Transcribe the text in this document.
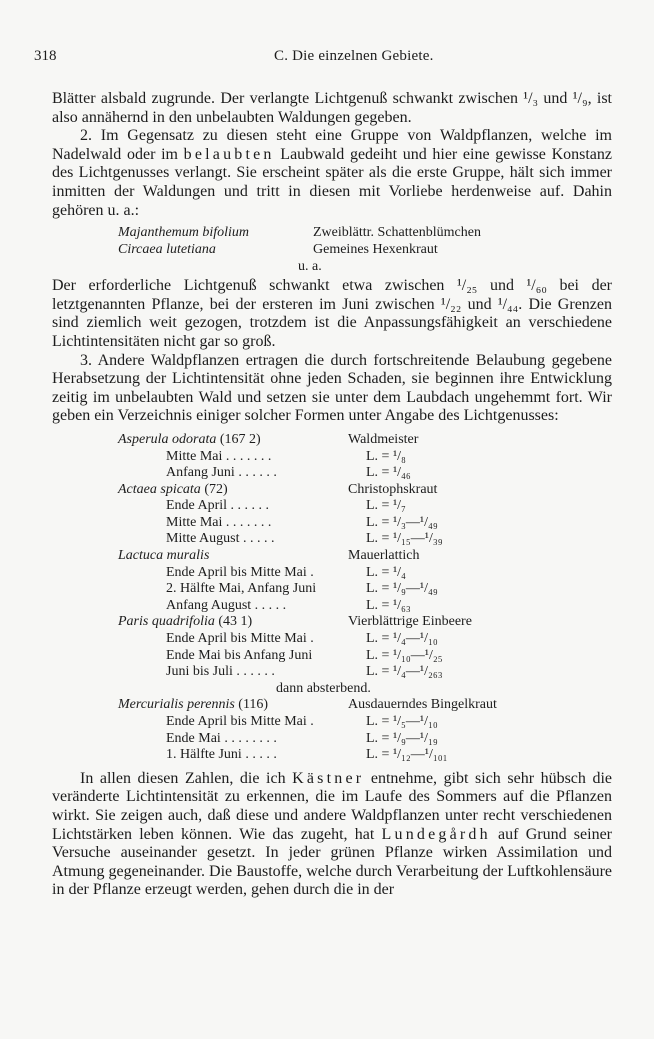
318	C. Die einzelnen Gebiete.

Blätter alsbald zugrunde. Der verlangte Lichtgenuß schwankt zwischen ¹/₃ und ¹/₉, ist also annähernd in den unbelaubten Waldungen gegeben.

2. Im Gegensatz zu diesen steht eine Gruppe von Waldpflanzen, welche im Nadelwald oder im belaubten Laubwald gedeiht und hier eine gewisse Konstanz des Lichtgenusses verlangt. Sie erscheint später als die erste Gruppe, hält sich immer inmitten der Waldungen und tritt in diesen mit Vorliebe herdenweise auf. Dahin gehören u. a.:

Majanthemum bifolium	Zweiblättr. Schattenblümchen
Circaea lutetiana	Gemeines Hexenkraut
u. a.

Der erforderliche Lichtgenuß schwankt etwa zwischen ¹/₂₅ und ¹/₆₀ bei der letztgenannten Pflanze, bei der ersteren im Juni zwischen ¹/₂₂ und ¹/₄₄. Die Grenzen sind ziemlich weit gezogen, trotzdem ist die Anpassungsfähigkeit an verschiedene Lichtintensitäten nicht gar so groß.

3. Andere Waldpflanzen ertragen die durch fortschreitende Belaubung gegebene Herabsetzung der Lichtintensität ohne jeden Schaden, sie beginnen ihre Entwicklung zeitig im unbelaubten Wald und setzen sie unter dem Laubdach ungehemmt fort. Wir geben ein Verzeichnis einiger solcher Formen unter Angabe des Lichtgenusses:

Asperula odorata (167 2)	Waldmeister
Mitte Mai . . . . . . .	L. = ¹/₈
Anfang Juni . . . . . .	L. = ¹/₄₆
Actaea spicata (72)	Christophskraut
Ende April . . . . . .	L. = ¹/₇
Mitte Mai . . . . . . .	L. = ¹/₃—¹/₄₉
Mitte August . . . . .	L. = ¹/₁₅—¹/₃₉
Lactuca muralis	Mauerlattich
Ende April bis Mitte Mai .	L. = ¹/₄
2. Hälfte Mai, Anfang Juni	L. = ¹/₉—¹/₄₉
Anfang August . . . . .	L. = ¹/₆₃
Paris quadrifolia (43 1)	Vierblättrige Einbeere
Ende April bis Mitte Mai .	L. = ¹/₄—¹/₁₀
Ende Mai bis Anfang Juni	L. = ¹/₁₀—¹/₂₅
Juni bis Juli . . . . . .	L. = ¹/₄—¹/₂₆₃
dann absterbend.
Mercurialis perennis (116)	Ausdauerndes Bingelkraut
Ende April bis Mitte Mai .	L. = ¹/₅—¹/₁₀
Ende Mai . . . . . . . .	L. = ¹/₉—¹/₁₉
1. Hälfte Juni . . . . .	L. = ¹/₁₂—¹/₁₀₁

In allen diesen Zahlen, die ich Kästner entnehme, gibt sich sehr hübsch die veränderte Lichtintensität zu erkennen, die im Laufe des Sommers auf die Pflanzen wirkt. Sie zeigen auch, daß diese und andere Waldpflanzen unter recht verschiedenen Lichtstärken leben können. Wie das zugeht, hat Lundegårdh auf Grund seiner Versuche auseinander gesetzt. In jeder grünen Pflanze wirken Assimilation und Atmung gegeneinander. Die Baustoffe, welche durch Verarbeitung der Luftkohlensäure in der Pflanze erzeugt werden, gehen durch die in der
